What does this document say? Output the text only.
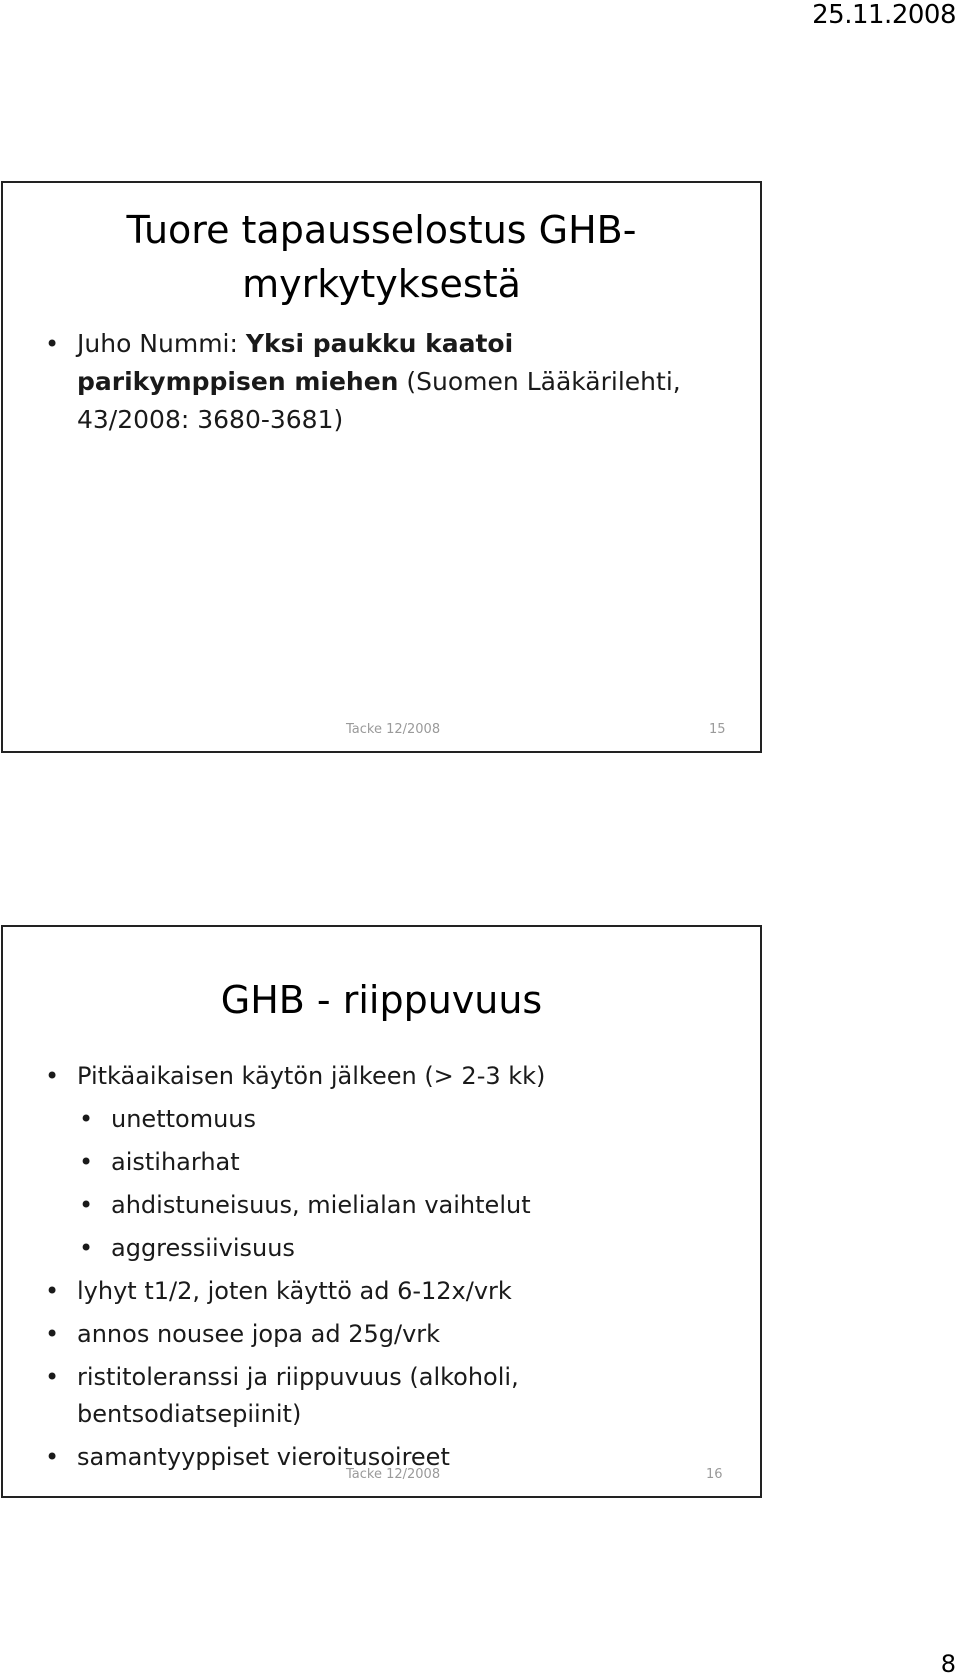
25.11.2008
Tuore tapausselostus GHB-myrkytyksestä
• Juho Nummi: Yksi paukku kaatoi parikymppisen miehen (Suomen Lääkärilehti, 43/2008: 3680-3681)
Tacke 12/2008	15
GHB - riippuvuus
• Pitkäaikaisen käytön jälkeen (> 2-3 kk)
• unettomuus
• aistiharhat
• ahdistuneisuus, mielialan vaihtelut
• aggressiivisuus
• lyhyt t1/2, joten käyttö ad 6-12x/vrk
• annos nousee jopa ad 25g/vrk
• ristitoleranssi ja riippuvuus (alkoholi, bentsodiatsepiinit)
• samantyyppiset vieroitusoireet
Tacke 12/2008	16
8
